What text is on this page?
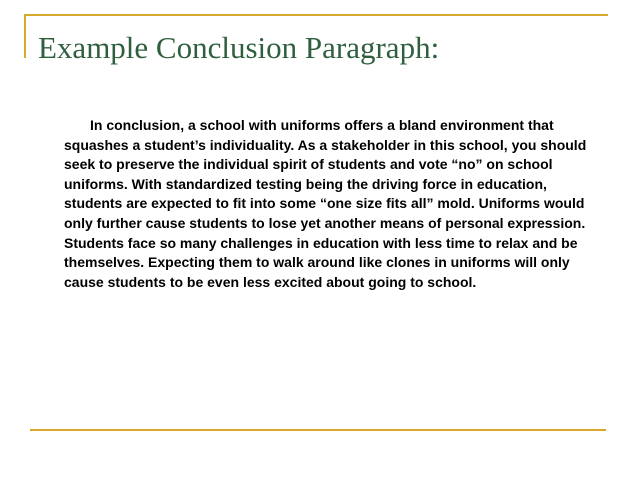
Example Conclusion Paragraph:

In conclusion, a school with uniforms offers a bland environment that squashes a student’s individuality. As a stakeholder in this school, you should seek to preserve the individual spirit of students and vote “no” on school uniforms. With standardized testing being the driving force in education, students are expected to fit into some “one size fits all” mold. Uniforms would only further cause students to lose yet another means of personal expression. Students face so many challenges in education with less time to relax and be themselves. Expecting them to walk around like clones in uniforms will only cause students to be even less excited about going to school.
